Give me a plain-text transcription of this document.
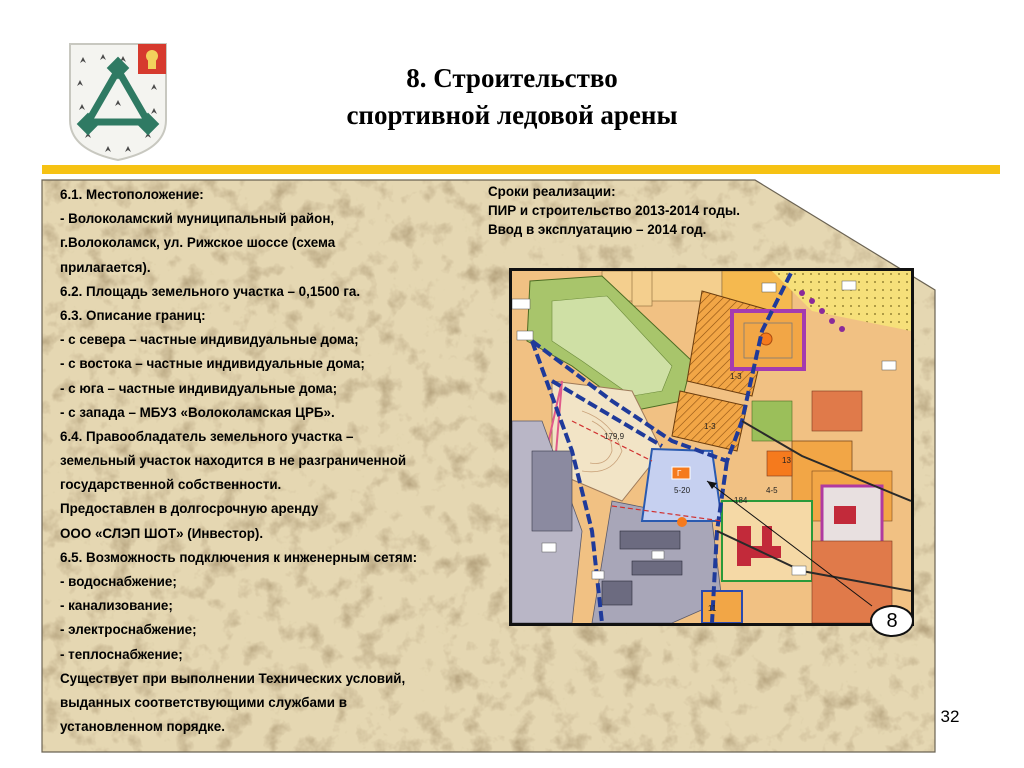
8. Строительство
спортивной ледовой арены
6.1. Местоположение:
- Волоколамский муниципальный район,
г.Волоколамск, ул. Рижское шоссе (схема
прилагается).
6.2. Площадь земельного участка – 0,1500 га.
6.3. Описание границ:
- с севера – частные индивидуальные дома;
- с востока – частные индивидуальные дома;
- с юга – частные индивидуальные дома;
- с запада – МБУЗ «Волоколамская ЦРБ».
6.4. Правообладатель земельного участка –
земельный участок находится в не разграниченной
государственной собственности.
Предоставлен в долгосрочную аренду
ООО «СЛЭП ШОТ» (Инвестор).
6.5. Возможность подключения к инженерным сетям:
- водоснабжение;
- канализование;
- электроснабжение;
- теплоснабжение;
Существует при выполнении Технических условий,
выданных соответствующими службами в
установленном порядке.
Сроки реализации:
ПИР и строительство 2013-2014 годы.
Ввод в эксплуатацию – 2014 год.
179,9
1-3
1-3
Г
5-20
184
4-5
13
11
8
32
